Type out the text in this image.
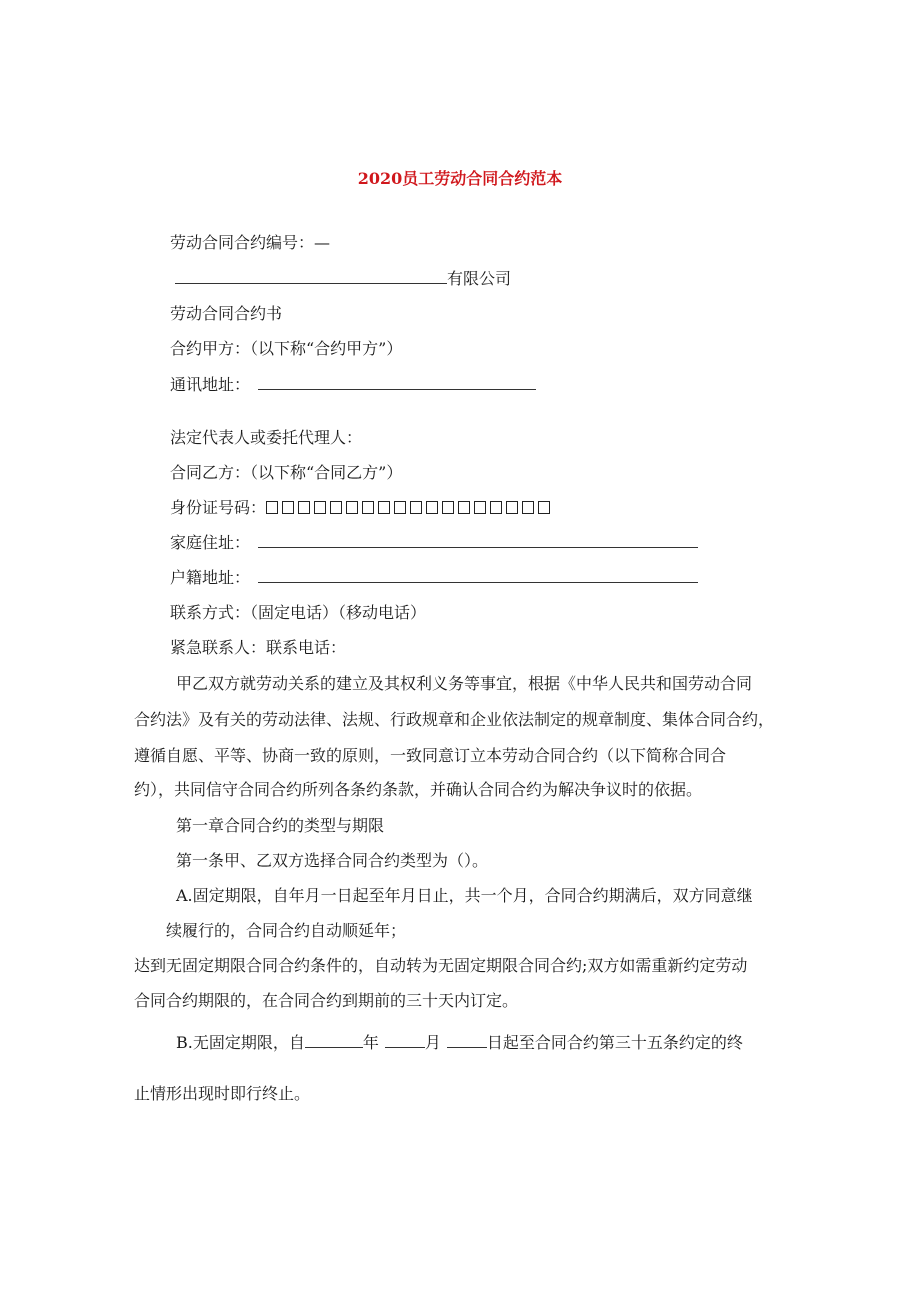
2020员工劳动合同合约范本
劳动合同合约编号：—
有限公司
劳动合同合约书
合约甲方：（以下称“合约甲方”）
通讯地址：
法定代表人或委托代理人：
合同乙方：（以下称“合同乙方”）
身份证号码：
家庭住址：
户籍地址：
联系方式：（固定电话）（移动电话）
紧急联系人：联系电话：
甲乙双方就劳动关系的建立及其权利义务等事宜，根据《中华人民共和国劳动合同
合约法》及有关的劳动法律、法规、行政规章和企业依法制定的规章制度、集体合同合约，
遵循自愿、平等、协商一致的原则，一致同意订立本劳动合同合约（以下简称合同合
约），共同信守合同合约所列各条约条款，并确认合同合约为解决争议时的依据。
第一章合同合约的类型与期限
第一条甲、乙双方选择合同合约类型为（）。
A.固定期限，自年月一日起至年月日止，共一个月，合同合约期满后，双方同意继
续履行的，合同合约自动顺延年；
达到无固定期限合同合约条件的，自动转为无固定期限合同合约;双方如需重新约定劳动
合同合约期限的，在合同合约到期前的三十天内订定。
B.无固定期限，自	年	月	日起至合同合约第三十五条约定的终
止情形出现时即行终止。
